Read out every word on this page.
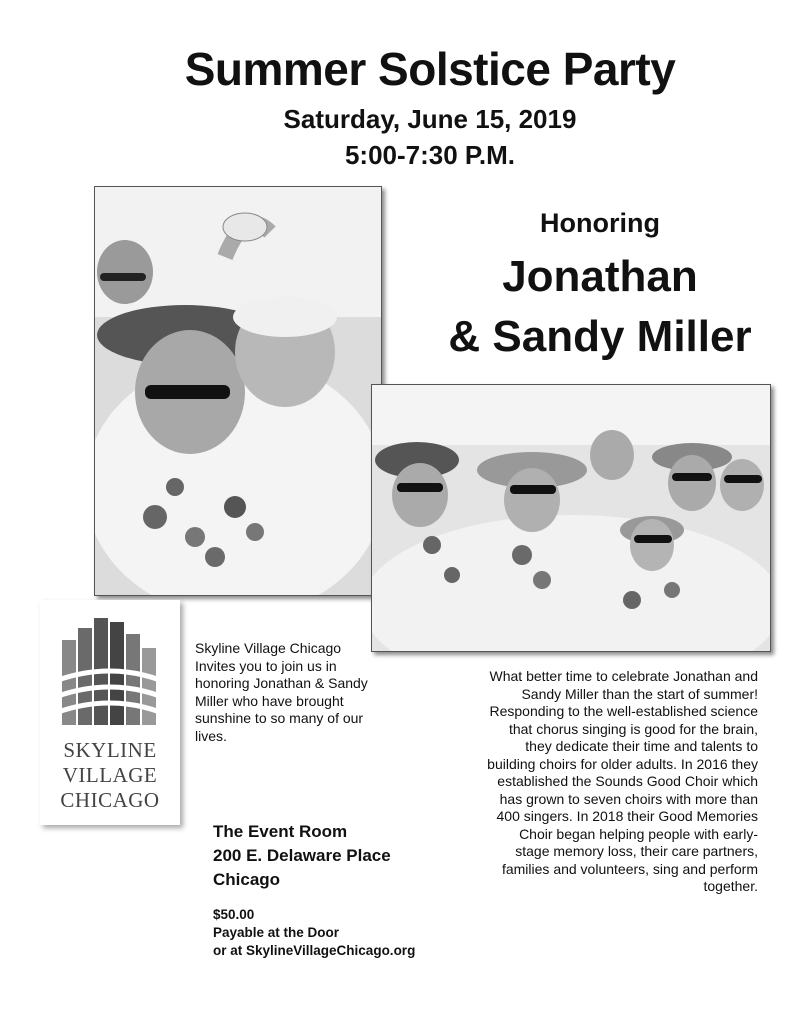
Summer Solstice Party
Saturday, June 15, 2019
5:00-7:30 P.M.
Honoring
Jonathan
& Sandy Miller
SKYLINE
VILLAGE
CHICAGO
Skyline Village Chicago Invites you to join us in honoring Jonathan & Sandy Miller who have brought sunshine to so many of our lives.
What better time to celebrate Jonathan and Sandy Miller than the start of summer! Responding to the well-established science that chorus singing is good for the brain, they dedicate their time and talents to building choirs for older adults. In 2016 they established the Sounds Good Choir which has grown to seven choirs with more than 400 singers. In 2018 their Good Memories Choir began helping people with early-stage memory loss, their care partners, families and volunteers, sing and perform together.
The Event Room
200 E. Delaware Place
Chicago
$50.00
Payable at the Door
or at SkylineVillageChicago.org
